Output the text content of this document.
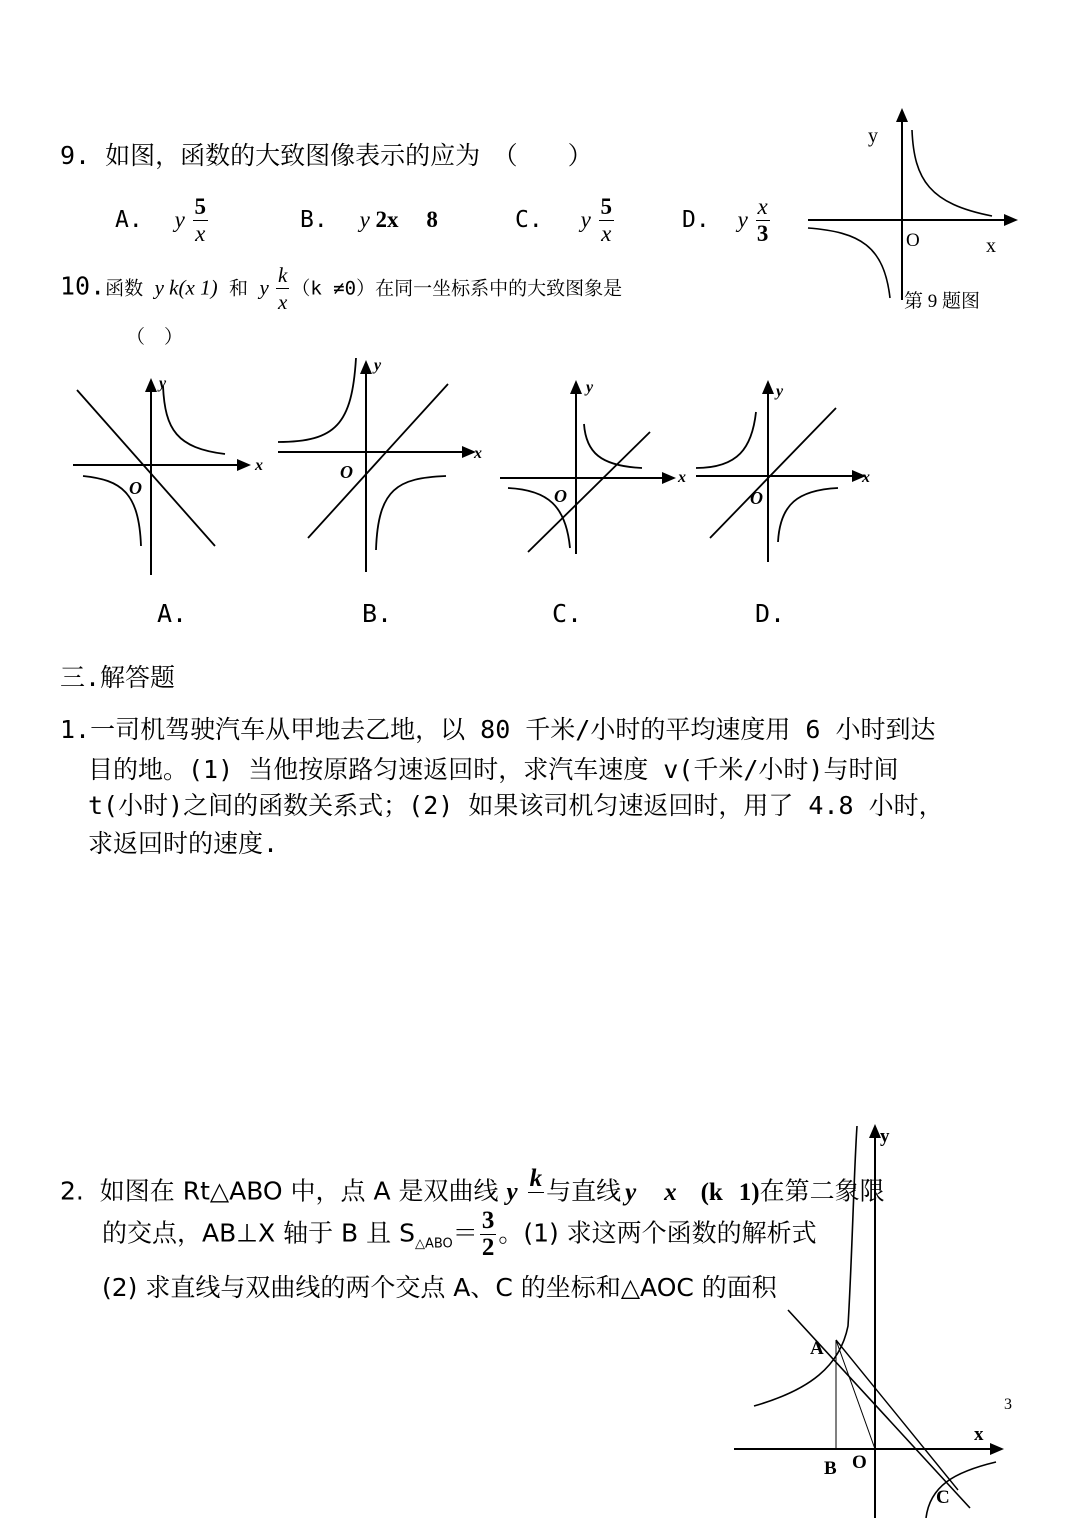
9. 如图，函数的大致图像表示的应为　（　　）
A. y $\frac{5}{x}$	B. y 2x 8	C. y $\frac{5}{x}$	D. y $\frac{x}{3}$
y
O	x
第 9 题图
10.函数 y k(x 1) 和 y $\frac{k}{x} (k \ne 0)$在同一坐标系中的大致图象是
（　）
y
x
O
y
x
O
y
x
O
y
x
O
A.	B.	C.	D.
三.解答题
1.一司机驾驶汽车从甲地去乙地，以 80 千米/小时的平均速度用 6 小时到达
目的地。(1) 当他按原路匀速返回时，求汽车速度 v(千米/小时)与时间
t(小时)之间的函数关系式；(2) 如果该司机匀速返回时，用了 4.8 小时，
求返回时的速度.
2. 如图在 Rt△ABO 中，点 A 是双曲线 y k
与直线 y x (k 1)在第二象限
的交点，AB⊥X 轴于 B 且 $S_{\triangle ABO}= \frac{3}{2}$ 。(1) 求这两个函数的解析式
(2) 求直线与双曲线的两个交点 A、C 的坐标和△AOC 的面积
y
x
A
B O
C
3
